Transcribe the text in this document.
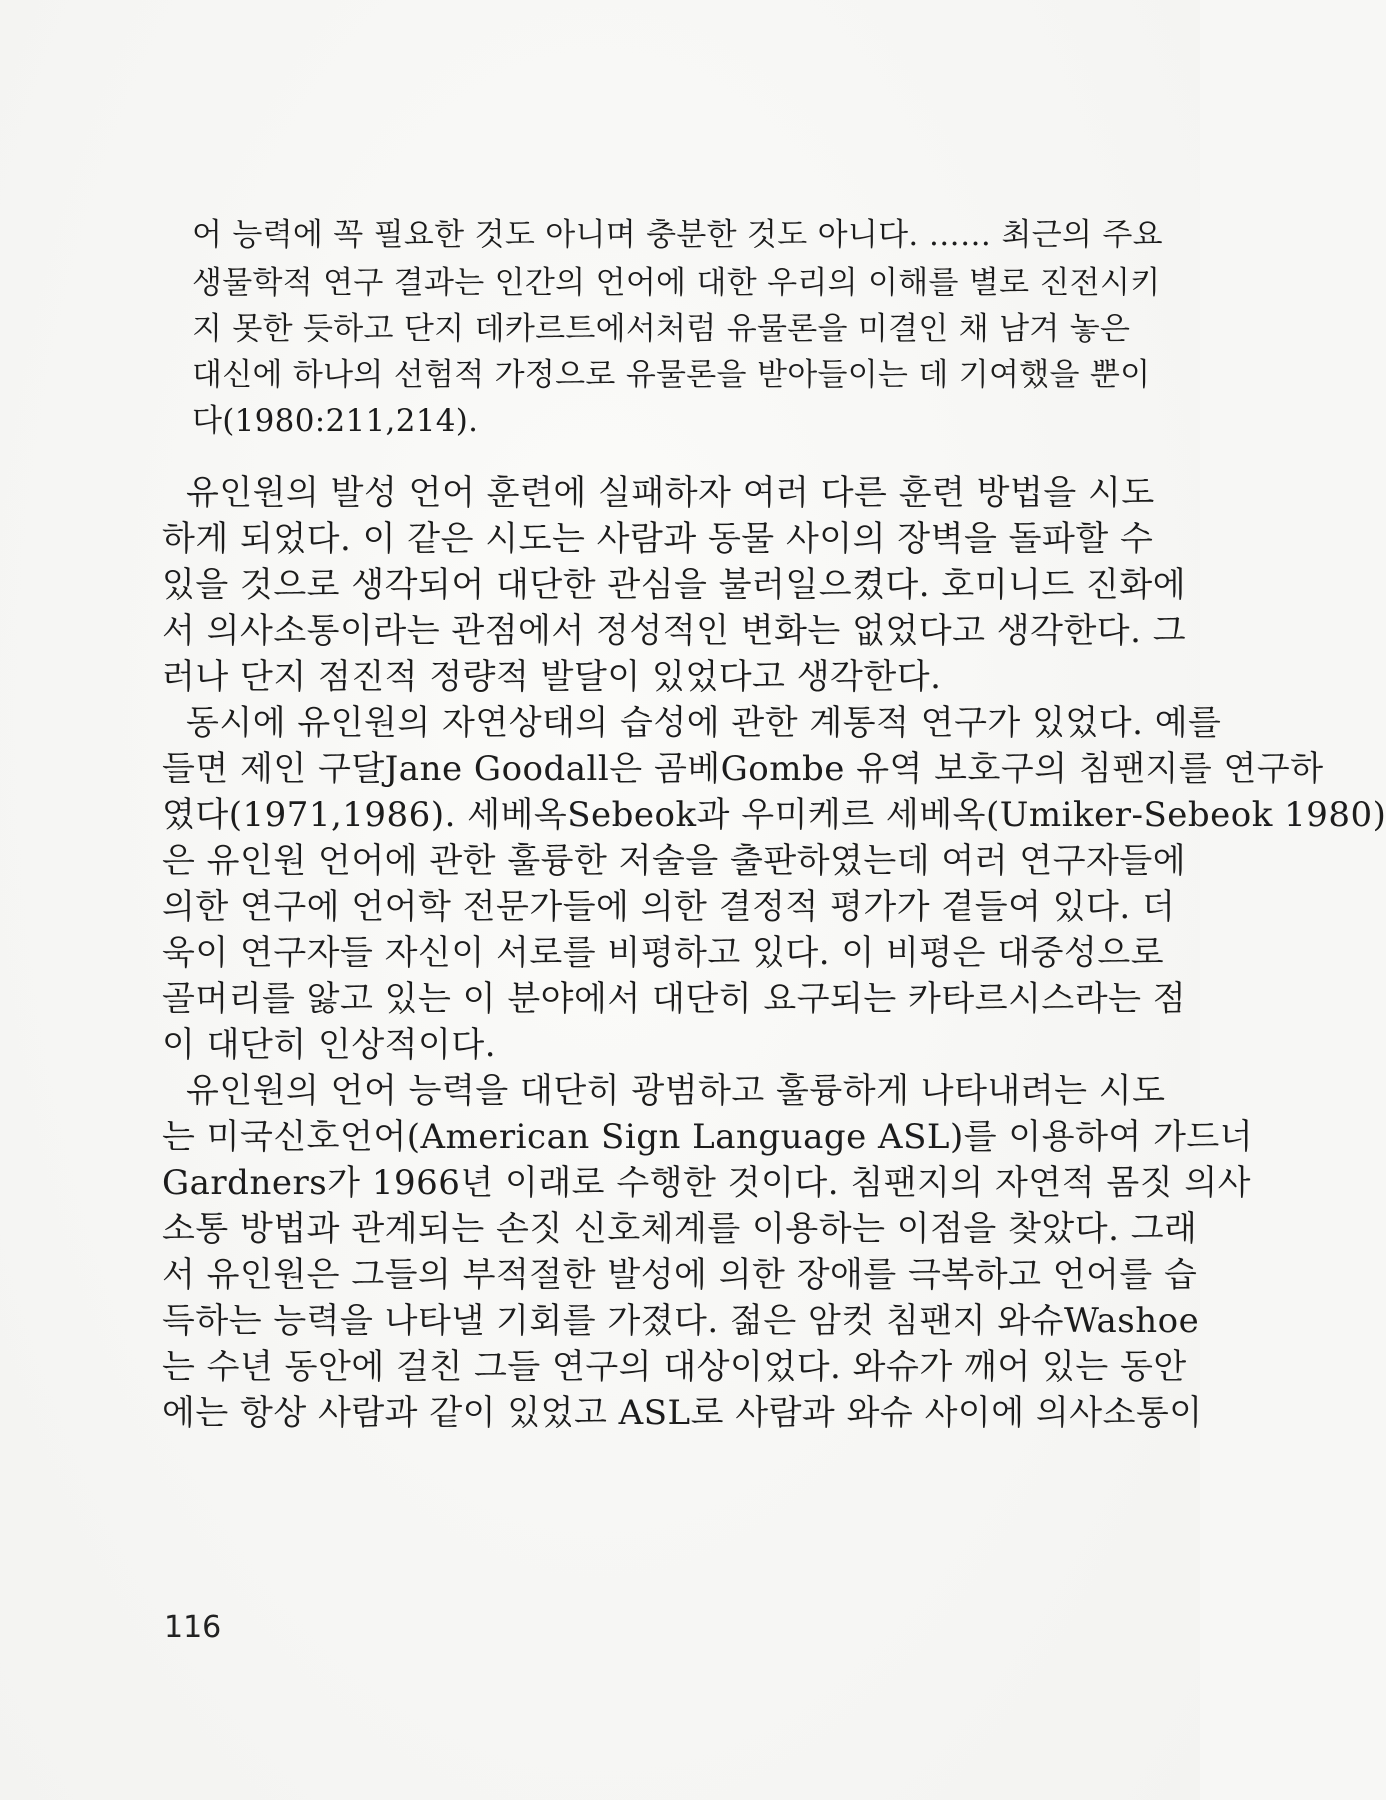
어 능력에 꼭 필요한 것도 아니며 충분한 것도 아니다. …… 최근의 주요
생물학적 연구 결과는 인간의 언어에 대한 우리의 이해를 별로 진전시키
지 못한 듯하고 단지 데카르트에서처럼 유물론을 미결인 채 남겨 놓은
대신에 하나의 선험적 가정으로 유물론을 받아들이는 데 기여했을 뿐이
다(1980:211,214).
유인원의 발성 언어 훈련에 실패하자 여러 다른 훈련 방법을 시도
하게 되었다. 이 같은 시도는 사람과 동물 사이의 장벽을 돌파할 수
있을 것으로 생각되어 대단한 관심을 불러일으켰다. 호미니드 진화에
서 의사소통이라는 관점에서 정성적인 변화는 없었다고 생각한다. 그
러나 단지 점진적 정량적 발달이 있었다고 생각한다.
동시에 유인원의 자연상태의 습성에 관한 계통적 연구가 있었다. 예를
들면 제인 구달Jane Goodall은 곰베Gombe 유역 보호구의 침팬지를 연구하
였다(1971,1986). 세베옥Sebeok과 우미케르 세베옥(Umiker-Sebeok 1980)
은 유인원 언어에 관한 훌륭한 저술을 출판하였는데 여러 연구자들에
의한 연구에 언어학 전문가들에 의한 결정적 평가가 곁들여 있다. 더
욱이 연구자들 자신이 서로를 비평하고 있다. 이 비평은 대중성으로
골머리를 앓고 있는 이 분야에서 대단히 요구되는 카타르시스라는 점
이 대단히 인상적이다.
유인원의 언어 능력을 대단히 광범하고 훌륭하게 나타내려는 시도
는 미국신호언어(American Sign Language ASL)를 이용하여 가드너
Gardners가 1966년 이래로 수행한 것이다. 침팬지의 자연적 몸짓 의사
소통 방법과 관계되는 손짓 신호체계를 이용하는 이점을 찾았다. 그래
서 유인원은 그들의 부적절한 발성에 의한 장애를 극복하고 언어를 습
득하는 능력을 나타낼 기회를 가졌다. 젊은 암컷 침팬지 와슈Washoe
는 수년 동안에 걸친 그들 연구의 대상이었다. 와슈가 깨어 있는 동안
에는 항상 사람과 같이 있었고 ASL로 사람과 와슈 사이에 의사소통이
116
